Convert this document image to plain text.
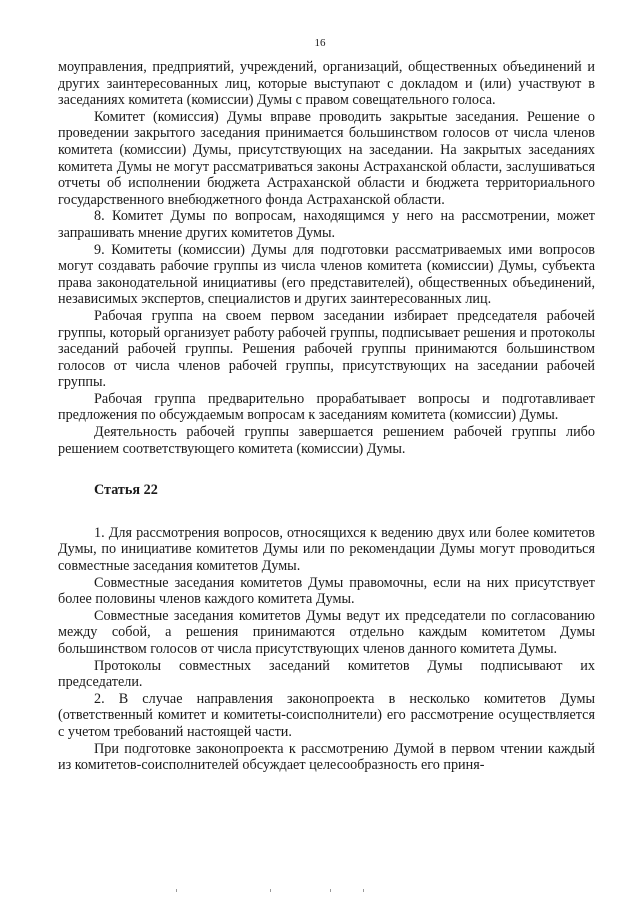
16

моуправления, предприятий, учреждений, организаций, общественных объединений и других заинтересованных лиц, которые выступают с докладом и (или) участвуют в заседаниях комитета (комиссии) Думы с правом совещательного голоса.

Комитет (комиссия) Думы вправе проводить закрытые заседания. Решение о проведении закрытого заседания принимается большинством голосов от числа членов комитета (комиссии) Думы, присутствующих на заседании. На закрытых заседаниях комитета Думы не могут рассматриваться законы Астраханской области, заслушиваться отчеты об исполнении бюджета Астраханской области и бюджета территориального государственного внебюджетного фонда Астраханской области.

8. Комитет Думы по вопросам, находящимся у него на рассмотрении, может запрашивать мнение других комитетов Думы.

9. Комитеты (комиссии) Думы для подготовки рассматриваемых ими вопросов могут создавать рабочие группы из числа членов комитета (комиссии) Думы, субъекта права законодательной инициативы (его представителей), общественных объединений, независимых экспертов, специалистов и других заинтересованных лиц.

Рабочая группа на своем первом заседании избирает председателя рабочей группы, который организует работу рабочей группы, подписывает решения и протоколы заседаний рабочей группы. Решения рабочей группы принимаются большинством голосов от числа членов рабочей группы, присутствующих на заседании рабочей группы.

Рабочая группа предварительно прорабатывает вопросы и подготавливает предложения по обсуждаемым вопросам к заседаниям комитета (комиссии) Думы.

Деятельность рабочей группы завершается решением рабочей группы либо решением соответствующего комитета (комиссии) Думы.

Статья 22

1. Для рассмотрения вопросов, относящихся к ведению двух или более комитетов Думы, по инициативе комитетов Думы или по рекомендации Думы могут проводиться совместные заседания комитетов Думы.

Совместные заседания комитетов Думы правомочны, если на них присутствует более половины членов каждого комитета Думы.

Совместные заседания комитетов Думы ведут их председатели по согласованию между собой, а решения принимаются отдельно каждым комитетом Думы большинством голосов от числа присутствующих членов данного комитета Думы.

Протоколы совместных заседаний комитетов Думы подписывают их председатели.

2. В случае направления законопроекта в несколько комитетов Думы (ответственный комитет и комитеты-соисполнители) его рассмотрение осуществляется с учетом требований настоящей части.

При подготовке законопроекта к рассмотрению Думой в первом чтении каждый из комитетов-соисполнителей обсуждает целесообразность его приня-
